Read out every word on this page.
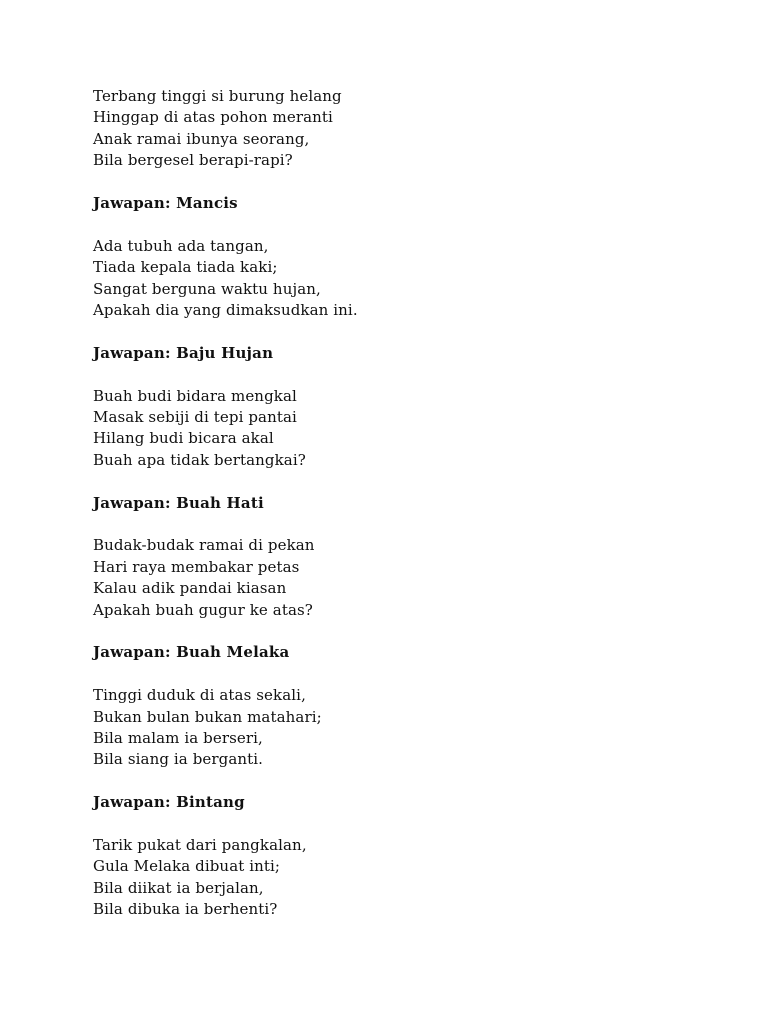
Terbang tinggi si burung helang
Hinggap di atas pohon meranti
Anak ramai ibunya seorang,
Bila bergesel berapi-rapi?
Jawapan: Mancis
Ada tubuh ada tangan,
Tiada kepala tiada kaki;
Sangat berguna waktu hujan,
Apakah dia yang dimaksudkan ini.
Jawapan: Baju Hujan
Buah budi bidara mengkal
Masak sebiji di tepi pantai
Hilang budi bicara akal
Buah apa tidak bertangkai?
Jawapan: Buah Hati
Budak-budak ramai di pekan
Hari raya membakar petas
Kalau adik pandai kiasan
Apakah buah gugur ke atas?
Jawapan: Buah Melaka
Tinggi duduk di atas sekali,
Bukan bulan bukan matahari;
Bila malam ia berseri,
Bila siang ia berganti.
Jawapan: Bintang
Tarik pukat dari pangkalan,
Gula Melaka dibuat inti;
Bila diikat ia berjalan,
Bila dibuka ia berhenti?
